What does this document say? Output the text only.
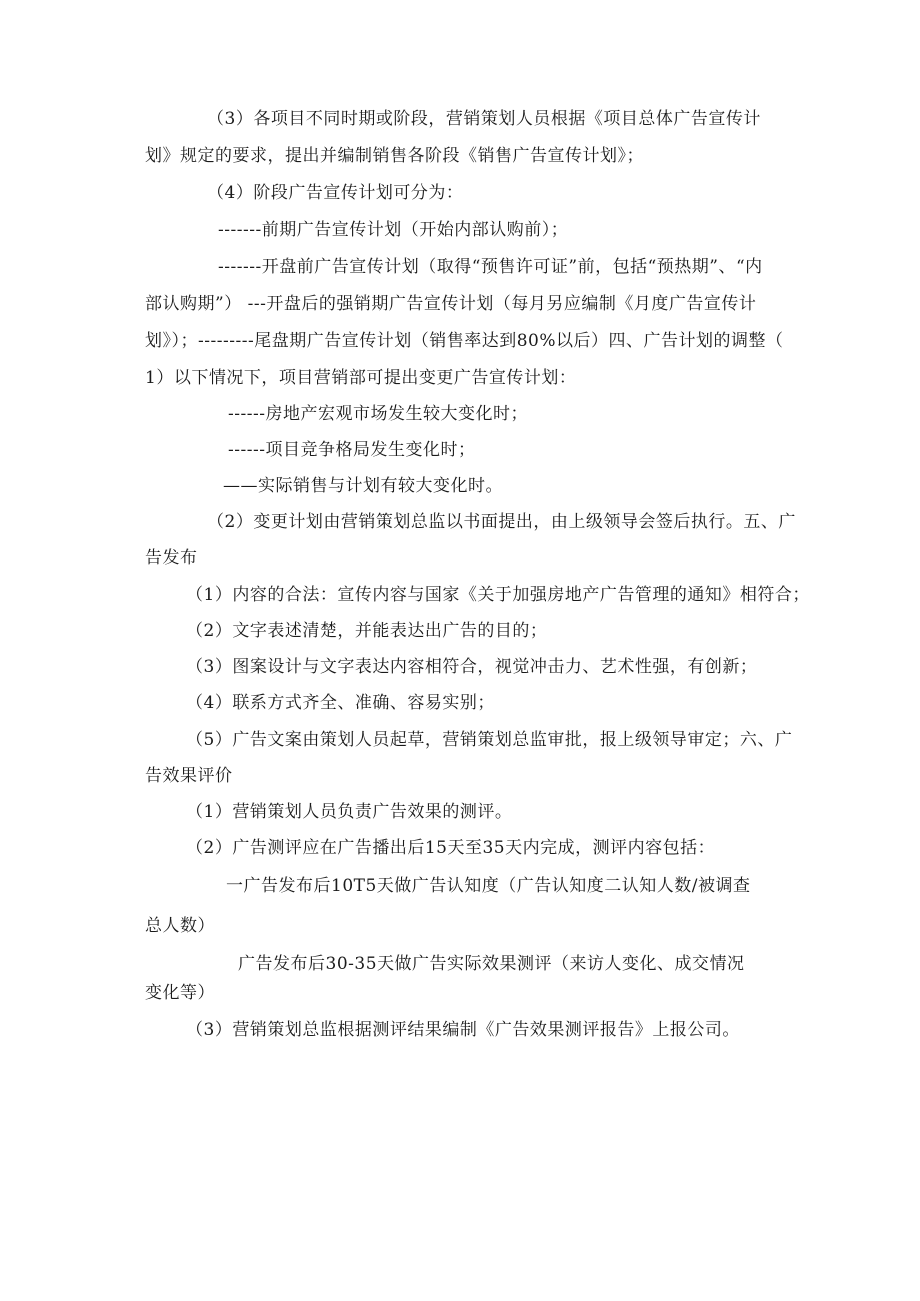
（3）各项目不同时期或阶段，营销策划人员根据《项目总体广告宣传计
划》规定的要求，提出并编制销售各阶段《销售广告宣传计划》；
（4）阶段广告宣传计划可分为：
-------前期广告宣传计划（开始内部认购前）；
-------开盘前广告宣传计划（取得“预售许可证”前，包括“预热期”、“内
部认购期”） ---开盘后的强销期广告宣传计划（每月另应编制《月度广告宣传计
划》）；---------尾盘期广告宣传计划（销售率达到80%以后）四、广告计划的调整（
1）以下情况下，项目营销部可提出变更广告宣传计划：
------房地产宏观市场发生较大变化时；
------项目竞争格局发生变化时；
——实际销售与计划有较大变化时。
（2）变更计划由营销策划总监以书面提出，由上级领导会签后执行。五、广
告发布
（1）内容的合法：宣传内容与国家《关于加强房地产广告管理的通知》相符合；
（2）文字表述清楚，并能表达出广告的目的；
（3）图案设计与文字表达内容相符合，视觉冲击力、艺术性强，有创新；
（4）联系方式齐全、准确、容易实别；
（5）广告文案由策划人员起草，营销策划总监审批，报上级领导审定；六、广
告效果评价
（1）营销策划人员负责广告效果的测评。
（2）广告测评应在广告播出后15天至35天内完成，测评内容包括：
一广告发布后10T5天做广告认知度（广告认知度二认知人数/被调查
总人数）
广告发布后30-35天做广告实际效果测评（来访人变化、成交情况
变化等）
（3）营销策划总监根据测评结果编制《广告效果测评报告》上报公司。
